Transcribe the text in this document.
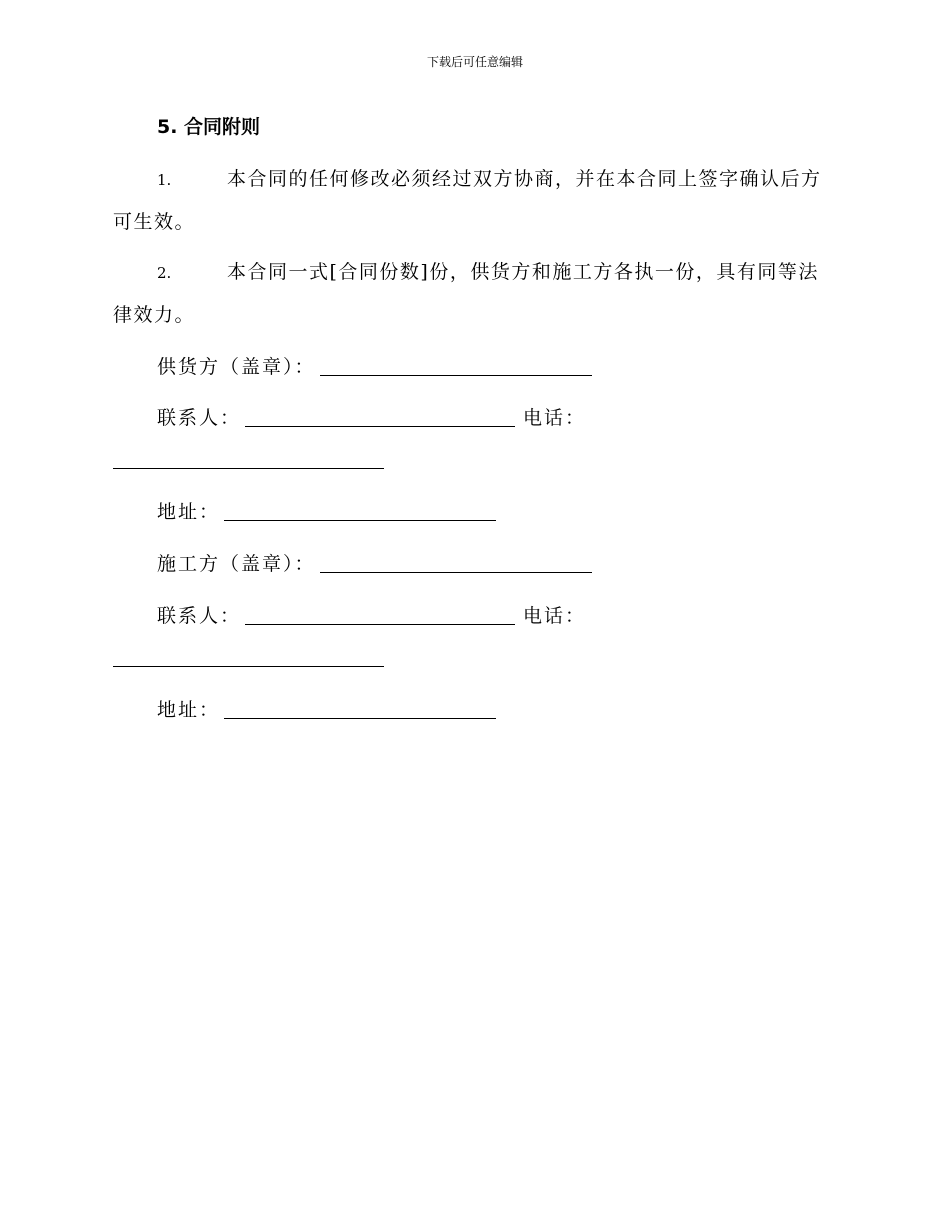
下载后可任意编辑
5. 合同附则
1.	本合同的任何修改必须经过双方协商，并在本合同上签字确认后方可生效。
2.	本合同一式[合同份数]份，供货方和施工方各执一份，具有同等法律效力。
供货方（盖章）：
联系人：	电话：
地址：
施工方（盖章）：
联系人：	电话：
地址：
